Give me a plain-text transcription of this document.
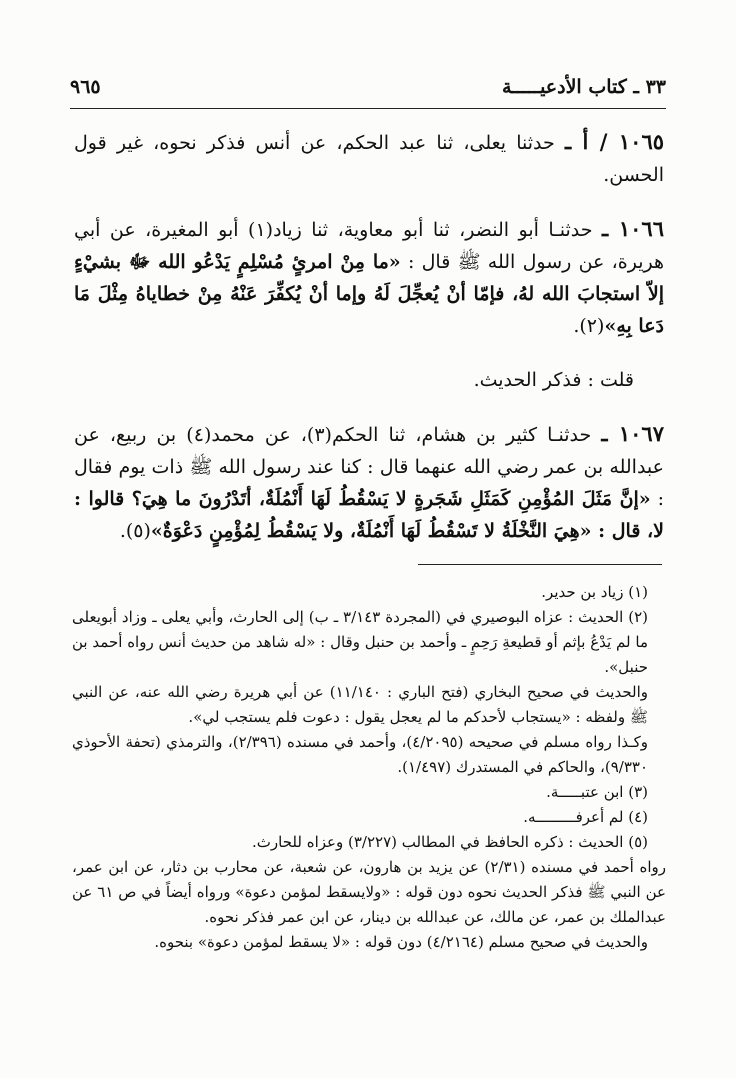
٣٣ ـ كتاب الأدعيـــــة
٩٦٥

١٠٦٥ / أ ـ حدثنا يعلى، ثنا عبد الحكم، عن أنس فذكر نحوه، غير قول الحسن.

١٠٦٦ ـ حدثنـا أبو النضر، ثنا أبو معاوية، ثنا زياد(١) أبو المغيرة، عن أبي هريرة، عن رسول الله ﷺ قال : «ما مِنْ امرئٍ مُسْلِمٍ يَدْعُو الله ﷻ بشيْءٍ إلاّ استجابَ الله لهُ، فإمّا أنْ يُعجِّلَ لَهُ وإما أنْ يُكفِّرَ عَنْهُ مِنْ خطاياهُ مِثْلَ مَا دَعا بِهِ»(٢).

قلت : فذكر الحديث.

١٠٦٧ ـ حدثنـا كثير بن هشام، ثنا الحكم(٣)، عن محمد(٤) بن ربيع، عن عبدالله بن عمر رضي الله عنهما قال : كنا عند رسول الله ﷺ ذات يوم فقال : «إنَّ مَثَلَ المُؤْمِنِ كَمَثَلِ شَجَرةٍ لا يَسْقُطُ لَهَا أَنْمُلَةٌ، أتَدْرُونَ ما هِيَ؟ قالوا : لا، قال : «هِيَ النَّخْلَةُ لا تَسْقُطُ لَهَا أَنْمُلَةٌ، ولا يَسْقُطُ لِمُؤْمِنٍ دَعْوَةٌ»(٥).

(١) زياد بن حدير.

(٢) الحديث : عزاه البوصيري في (المجردة ٣/١٤٣ ـ ب) إلى الحارث، وأبي يعلى ـ وزاد أبويعلى ما لم يَدْعُ بإثم أو قطيعةِ رَحِمٍ ـ وأحمد بن حنبل وقال : «له شاهد من حديث أنس رواه أحمد بن حنبل».

والحديث في صحيح البخاري (فتح الباري : ١١/١٤٠) عن أبي هريرة رضي الله عنه، عن النبي ﷺ ولفظه : «يستجاب لأحدكم ما لم يعجل يقول : دعوت فلم يستجب لي».

وكـذا رواه مسلم في صحيحه (٤/٢٠٩٥)، وأحمد في مسنده (٢/٣٩٦)، والترمذي (تحفة الأحوذي ٩/٣٣٠)، والحاكم في المستدرك (١/٤٩٧).

(٣) ابن عتبـــــة.

(٤) لم أعرفـــــــــه.

(٥) الحديث : ذكره الحافظ في المطالب (٣/٢٢٧) وعزاه للحارث.

رواه أحمد في مسنده (٢/٣١) عن يزيد بن هارون، عن شعبة، عن محارب بن دثار، عن ابن عمر، عن النبي ﷺ فذكر الحديث نحوه دون قوله : «ولايسقط لمؤمن دعوة» ورواه أيضاً في ص ٦١ عن عبدالملك بن عمر، عن مالك، عن عبدالله بن دينار، عن ابن عمر فذكر نحوه.

والحديث في صحيح مسلم (٤/٢١٦٤) دون قوله : «لا يسقط لمؤمن دعوة» بنحوه.
